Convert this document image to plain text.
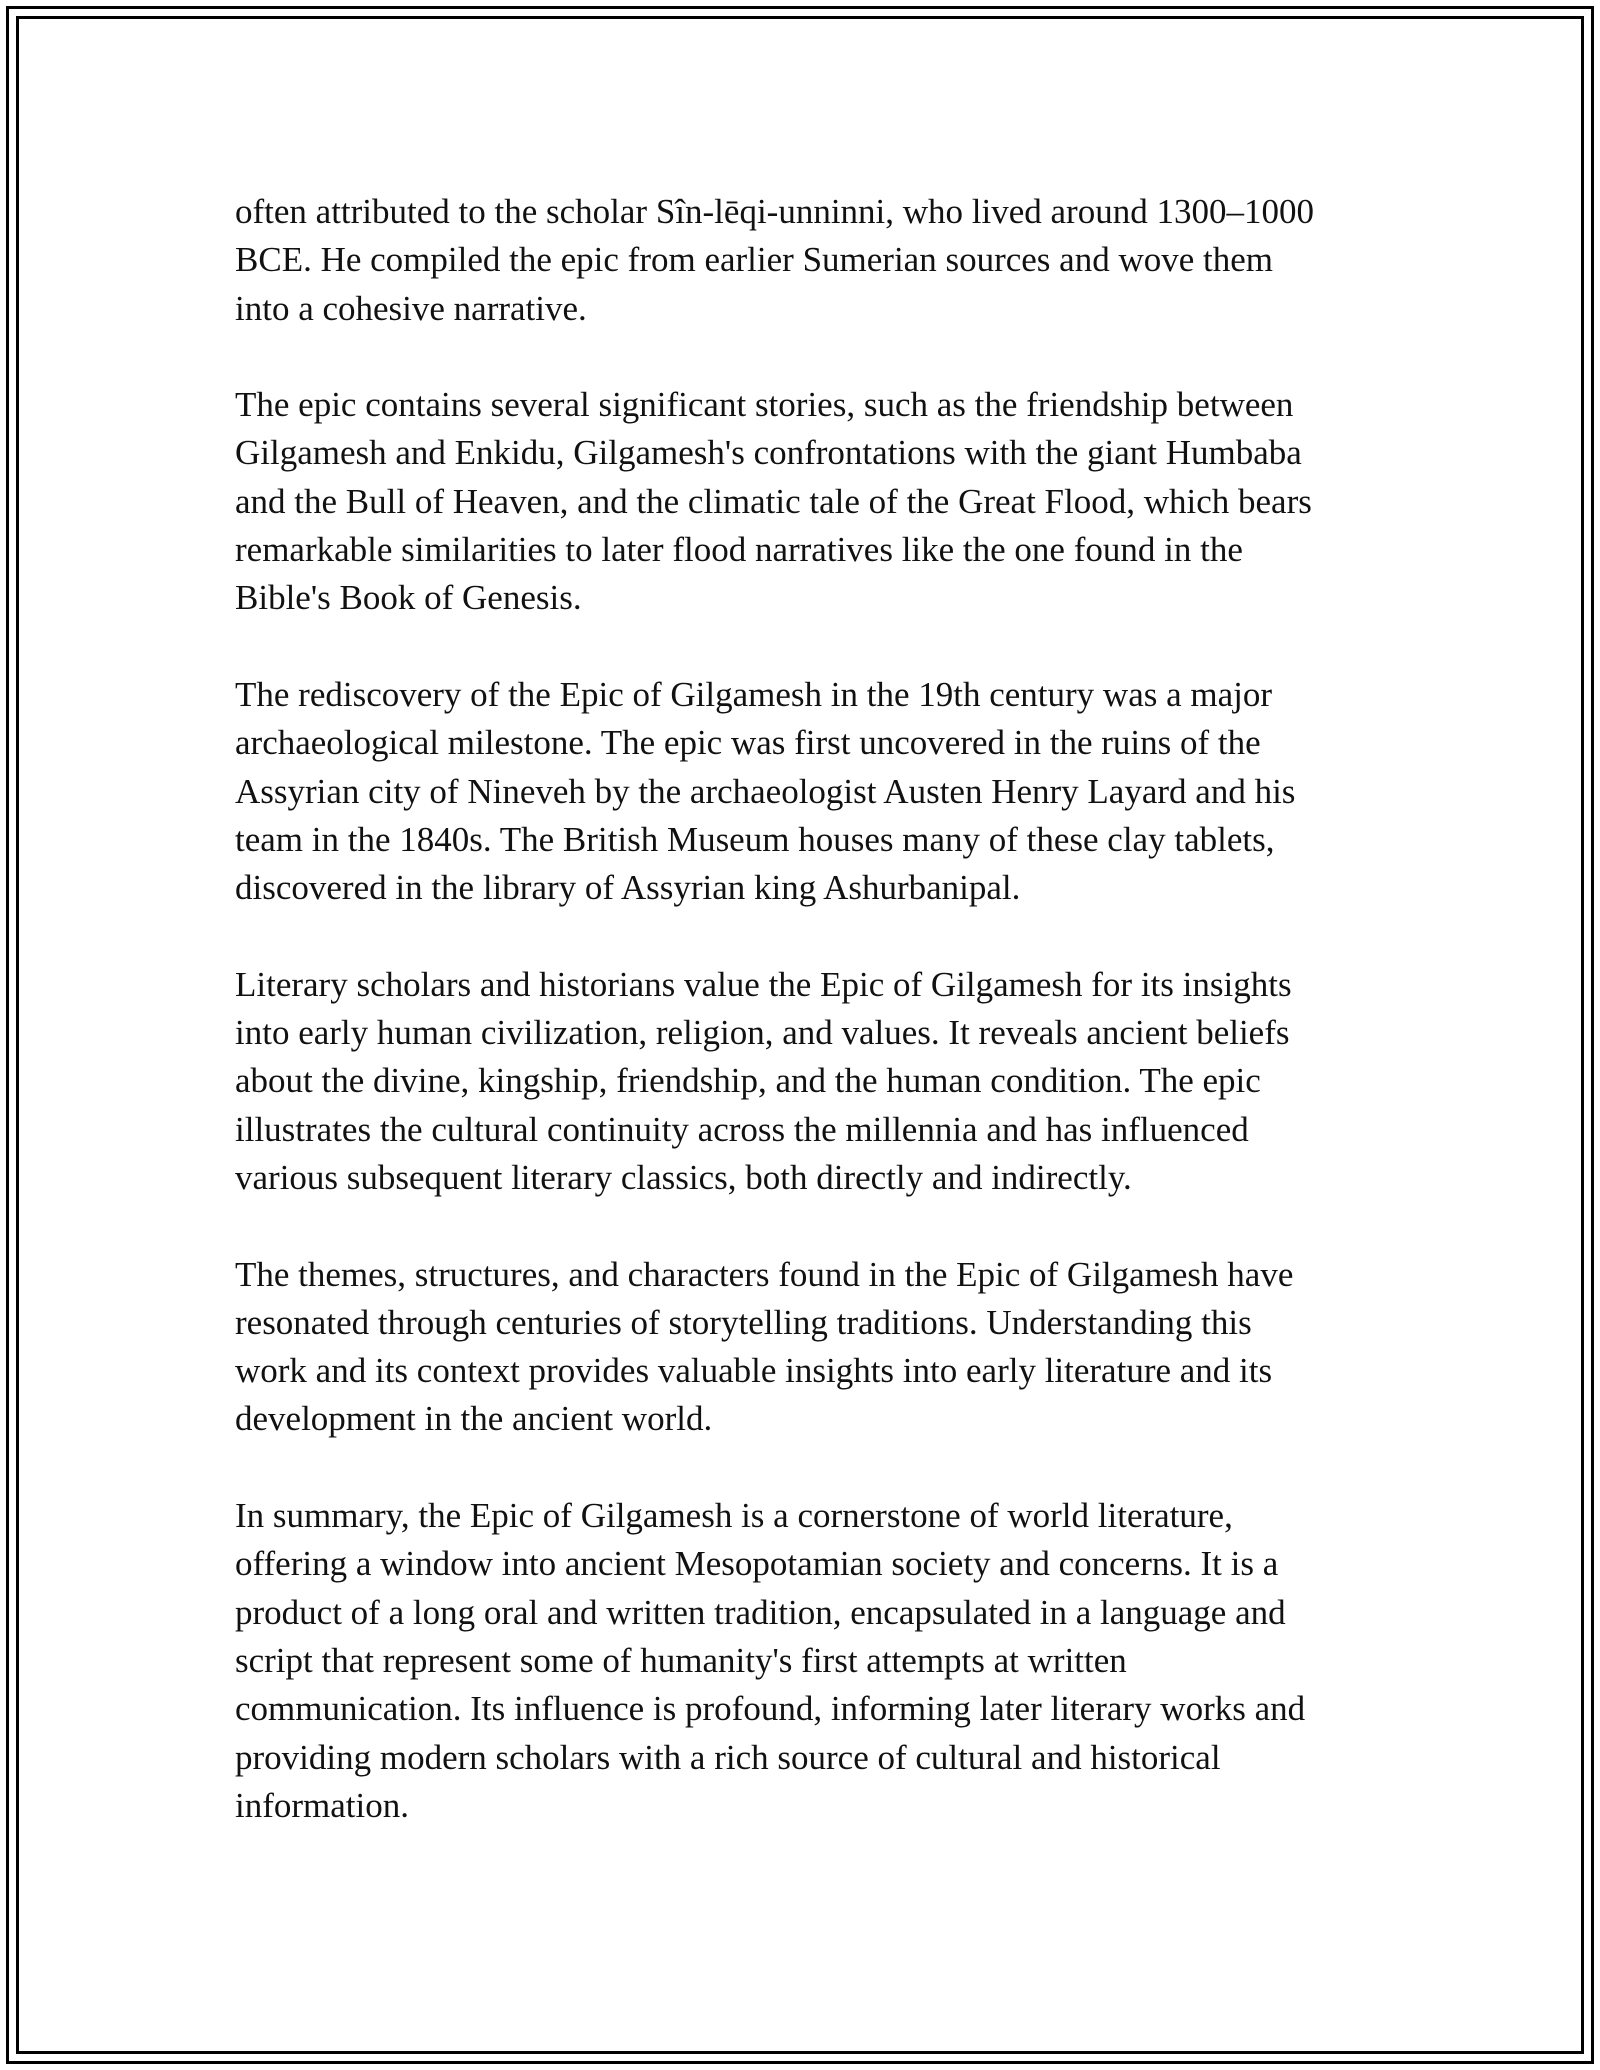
often attributed to the scholar Sîn-lēqi-unninni, who lived around 1300–1000
BCE. He compiled the epic from earlier Sumerian sources and wove them
into a cohesive narrative.

The epic contains several significant stories, such as the friendship between
Gilgamesh and Enkidu, Gilgamesh's confrontations with the giant Humbaba
and the Bull of Heaven, and the climatic tale of the Great Flood, which bears
remarkable similarities to later flood narratives like the one found in the
Bible's Book of Genesis.

The rediscovery of the Epic of Gilgamesh in the 19th century was a major
archaeological milestone. The epic was first uncovered in the ruins of the
Assyrian city of Nineveh by the archaeologist Austen Henry Layard and his
team in the 1840s. The British Museum houses many of these clay tablets,
discovered in the library of Assyrian king Ashurbanipal.

Literary scholars and historians value the Epic of Gilgamesh for its insights
into early human civilization, religion, and values. It reveals ancient beliefs
about the divine, kingship, friendship, and the human condition. The epic
illustrates the cultural continuity across the millennia and has influenced
various subsequent literary classics, both directly and indirectly.

The themes, structures, and characters found in the Epic of Gilgamesh have
resonated through centuries of storytelling traditions. Understanding this
work and its context provides valuable insights into early literature and its
development in the ancient world.

In summary, the Epic of Gilgamesh is a cornerstone of world literature,
offering a window into ancient Mesopotamian society and concerns. It is a
product of a long oral and written tradition, encapsulated in a language and
script that represent some of humanity's first attempts at written
communication. Its influence is profound, informing later literary works and
providing modern scholars with a rich source of cultural and historical
information.
